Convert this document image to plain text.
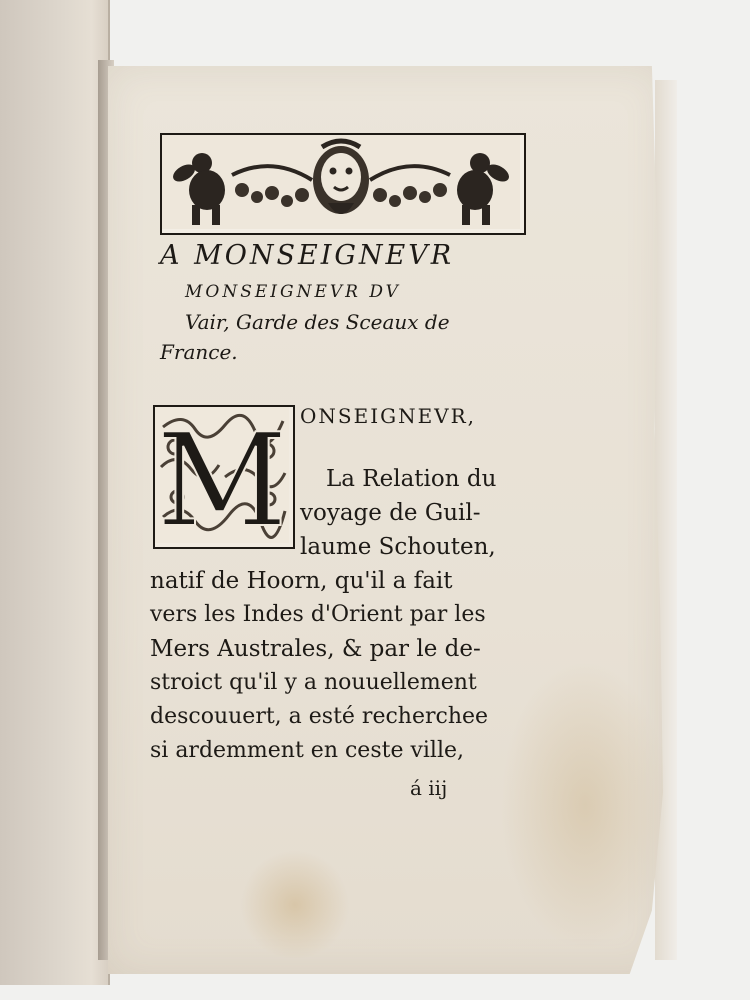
A MONSEIGNEVR
MONSEIGNEVR DV
Vair, Garde des Sceaux de
France.
M ONSEIGNEVR,
La Relation du
voyage de Guil-
laume Schouten,
natif de Hoorn, qu'il a fait
vers les Indes d'Orient par les
Mers Australes, & par le de-
stroict qu'il y a nouuellement
descouuert, a esté recherchee
si ardemment en ceste ville,
á iij
